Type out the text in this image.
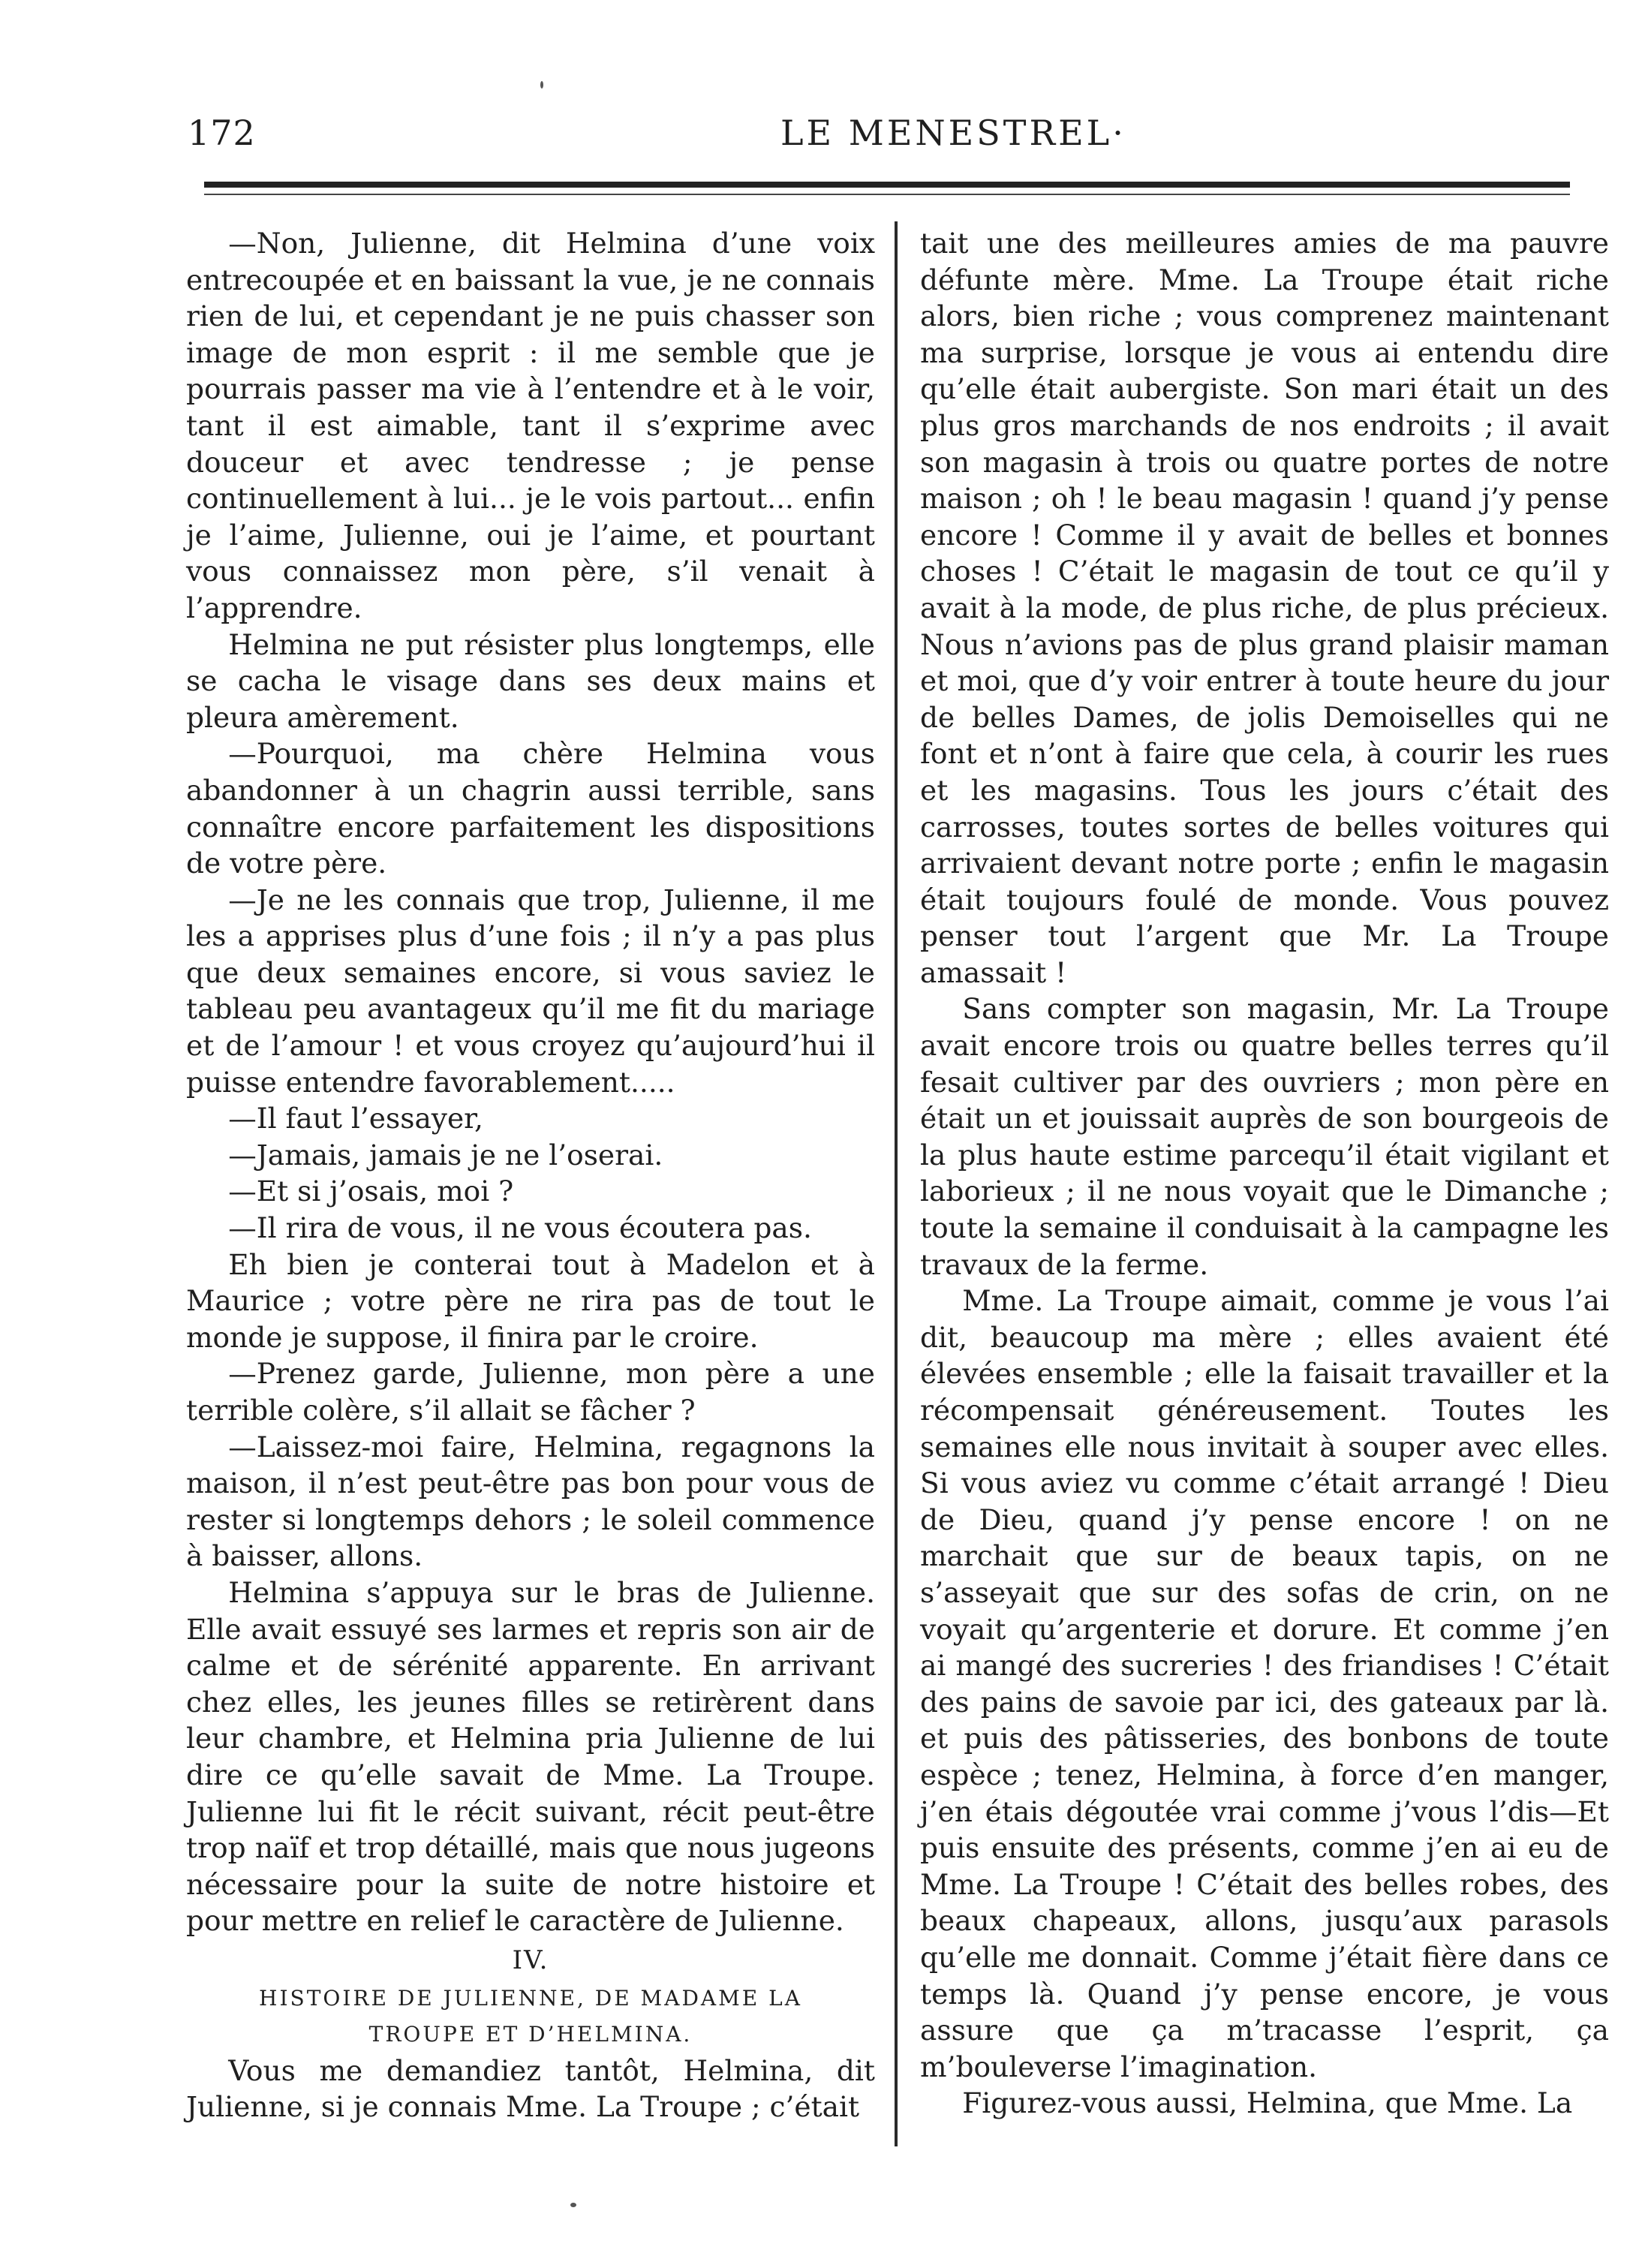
172	LE MENESTREL·

—Non, Julienne, dit Helmina d’une voix entrecoupée et en baissant la vue, je ne connais rien de lui, et cependant je ne puis chasser son image de mon esprit : il me semble que je pourrais passer ma vie à l’entendre et à le voir, tant il est aimable, tant il s’exprime avec douceur et avec tendresse ; je pense continuellement à lui... je le vois partout... enfin je l’aime, Julienne, oui je l’aime, et pourtant vous connaissez mon père, s’il venait à l’apprendre.

Helmina ne put résister plus longtemps, elle se cacha le visage dans ses deux mains et pleura amèrement.

—Pourquoi, ma chère Helmina vous abandonner à un chagrin aussi terrible, sans connaître encore parfaitement les dispositions de votre père.

—Je ne les connais que trop, Julienne, il me les a apprises plus d’une fois ; il n’y a pas plus que deux semaines encore, si vous saviez le tableau peu avantageux qu’il me fit du mariage et de l’amour ! et vous croyez qu’aujourd’hui il puisse entendre favorablement.....

—Il faut l’essayer,

—Jamais, jamais je ne l’oserai.

—Et si j’osais, moi ?

—Il rira de vous, il ne vous écoutera pas.

Eh bien je conterai tout à Madelon et à Maurice ; votre père ne rira pas de tout le monde je suppose, il finira par le croire.

—Prenez garde, Julienne, mon père a une terrible colère, s’il allait se fâcher ?

—Laissez-moi faire, Helmina, regagnons la maison, il n’est peut-être pas bon pour vous de rester si longtemps dehors ; le soleil commence à baisser, allons.

Helmina s’appuya sur le bras de Julienne. Elle avait essuyé ses larmes et repris son air de calme et de sérénité apparente. En arrivant chez elles, les jeunes filles se retirèrent dans leur chambre, et Helmina pria Julienne de lui dire ce qu’elle savait de Mme. La Troupe. Julienne lui fit le récit suivant, récit peut-être trop naïf et trop détaillé, mais que nous jugeons nécessaire pour la suite de notre histoire et pour mettre en relief le caractère de Julienne.

IV.

HISTOIRE DE JULIENNE, DE MADAME LA

TROUPE ET D’HELMINA.

Vous me demandiez tantôt, Helmina, dit Julienne, si je connais Mme. La Troupe ; c’était

tait une des meilleures amies de ma pauvre défunte mère. Mme. La Troupe était riche alors, bien riche ; vous comprenez maintenant ma surprise, lorsque je vous ai entendu dire qu’elle était aubergiste. Son mari était un des plus gros marchands de nos endroits ; il avait son magasin à trois ou quatre portes de notre maison ; oh ! le beau magasin ! quand j’y pense encore ! Comme il y avait de belles et bonnes choses ! C’était le magasin de tout ce qu’il y avait à la mode, de plus riche, de plus précieux. Nous n’avions pas de plus grand plaisir maman et moi, que d’y voir entrer à toute heure du jour de belles Dames, de jolis Demoiselles qui ne font et n’ont à faire que cela, à courir les rues et les magasins. Tous les jours c’était des carrosses, toutes sortes de belles voitures qui arrivaient devant notre porte ; enfin le magasin était toujours foulé de monde. Vous pouvez penser tout l’argent que Mr. La Troupe amassait !

Sans compter son magasin, Mr. La Troupe avait encore trois ou quatre belles terres qu’il fesait cultiver par des ouvriers ; mon père en était un et jouissait auprès de son bourgeois de la plus haute estime parcequ’il était vigilant et laborieux ; il ne nous voyait que le Dimanche ; toute la semaine il conduisait à la campagne les travaux de la ferme.

Mme. La Troupe aimait, comme je vous l’ai dit, beaucoup ma mère ; elles avaient été élevées ensemble ; elle la faisait travailler et la récompensait généreusement. Toutes les semaines elle nous invitait à souper avec elles. Si vous aviez vu comme c’était arrangé ! Dieu de Dieu, quand j’y pense encore ! on ne marchait que sur de beaux tapis, on ne s’asseyait que sur des sofas de crin, on ne voyait qu’argenterie et dorure. Et comme j’en ai mangé des sucreries ! des friandises ! C’était des pains de savoie par ici, des gateaux par là. et puis des pâtisseries, des bonbons de toute espèce ; tenez, Helmina, à force d’en manger, j’en étais dégoutée vrai comme j’vous l’dis—Et puis ensuite des présents, comme j’en ai eu de Mme. La Troupe ! C’était des belles robes, des beaux chapeaux, allons, jusqu’aux parasols qu’elle me donnait. Comme j’était fière dans ce temps là. Quand j’y pense encore, je vous assure que ça m’tracasse l’esprit, ça m’bouleverse l’imagination.

Figurez-vous aussi, Helmina, que Mme. La
